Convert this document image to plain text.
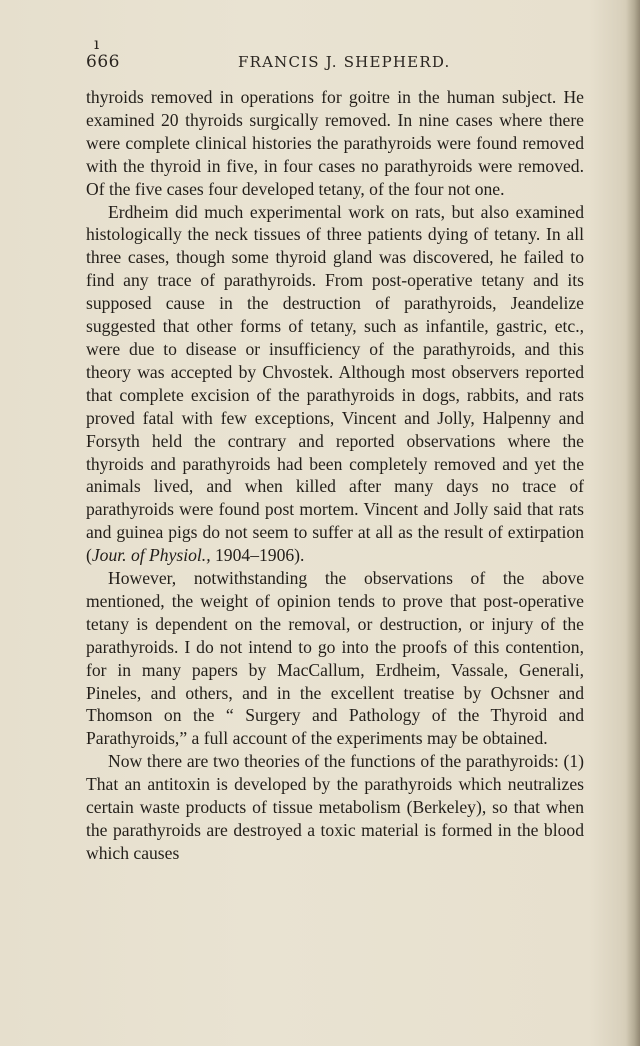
ı
666	FRANCIS J. SHEPHERD.

thyroids removed in operations for goitre in the human subject. He examined 20 thyroids surgically removed. In nine cases where there were complete clinical histories the parathyroids were found removed with the thyroid in five, in four cases no parathyroids were removed. Of the five cases four developed tetany, of the four not one.

Erdheim did much experimental work on rats, but also examined histologically the neck tissues of three patients dying of tetany. In all three cases, though some thyroid gland was discovered, he failed to find any trace of parathyroids. From post-operative tetany and its supposed cause in the destruction of parathyroids, Jeandelize suggested that other forms of tetany, such as infantile, gastric, etc., were due to disease or insufficiency of the parathyroids, and this theory was accepted by Chvostek. Although most observers reported that complete excision of the parathyroids in dogs, rabbits, and rats proved fatal with few exceptions, Vincent and Jolly, Halpenny and Forsyth held the contrary and reported observations where the thyroids and parathyroids had been completely removed and yet the animals lived, and when killed after many days no trace of parathyroids were found post mortem. Vincent and Jolly said that rats and guinea pigs do not seem to suffer at all as the result of extirpation (Jour. of Physiol., 1904–1906).

However, notwithstanding the observations of the above mentioned, the weight of opinion tends to prove that post-operative tetany is dependent on the removal, or destruction, or injury of the parathyroids. I do not intend to go into the proofs of this contention, for in many papers by MacCallum, Erdheim, Vassale, Generali, Pineles, and others, and in the excellent treatise by Ochsner and Thomson on the “ Surgery and Pathology of the Thyroid and Parathyroids,” a full account of the experiments may be obtained.

Now there are two theories of the functions of the parathyroids: (1) That an antitoxin is developed by the parathyroids which neutralizes certain waste products of tissue metabolism (Berkeley), so that when the parathyroids are destroyed a toxic material is formed in the blood which causes
